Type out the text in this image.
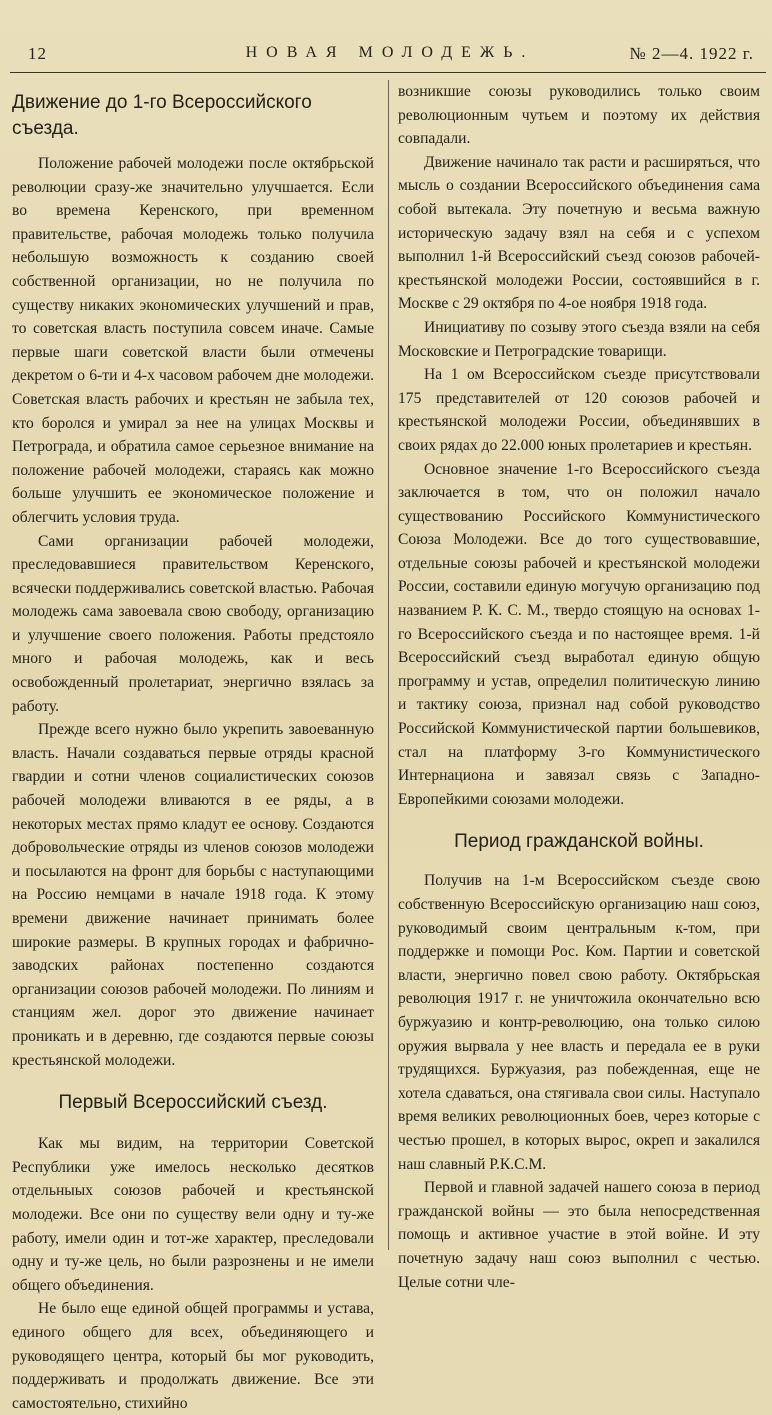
12	НОВАЯ МОЛОДЕЖЬ.	№ 2—4. 1922 г.
Движение до 1-го Всероссийского съезда.

Положение рабочей молодежи после октябрьской революции сразу-же значительно улучшается. Если во времена Керенского, при временном правительстве, рабочая молодежь только получила небольшую возможность к созданию своей собственной организации, но не получила по существу никаких экономических улучшений и прав, то советская власть поступила совсем иначе. Самые первые шаги советской власти были отмечены декретом о 6-ти и 4-х часовом рабочем дне молодежи. Советская власть рабочих и крестьян не забыла тех, кто боролся и умирал за нее на улицах Москвы и Петрограда, и обратила самое серьезное внимание на положение рабочей молодежи, стараясь как можно больше улучшить ее экономическое положение и облегчить условия труда.

Сами организации рабочей молодежи, преследовавшиеся правительством Керенского, всячески поддерживались советской властью. Рабочая молодежь сама завоевала свою свободу, организацию и улучшение своего положения. Работы предстояло много и рабочая молодежь, как и весь освобожденный пролетариат, энергично взялась за работу.

Прежде всего нужно было укрепить завоеванную власть. Начали создаваться первые отряды красной гвардии и сотни членов социалистических союзов рабочей молодежи вливаются в ее ряды, а в некоторых местах прямо кладут ее основу. Создаются добровольческие отряды из членов союзов молодежи и посылаются на фронт для борьбы с наступающими на Россию немцами в начале 1918 года. К этому времени движение начинает принимать более широкие размеры. В крупных городах и фабрично-заводских районах постепенно создаются организации союзов рабочей молодежи. По линиям и станциям жел. дорог это движение начинает проникать и в деревню, где создаются первые союзы крестьянской молодежи.

Первый Всероссийский съезд.

Как мы видим, на территории Советской Республики уже имелось несколько десятков отдельныых союзов рабочей и крестьянской молодежи. Все они по существу вели одну и ту-же работу, имели один и тот-же характер, преследовали одну и ту-же цель, но были разрознены и не имели общего объединения.

Не было еще единой общей программы и устава, единого общего для всех, объединяющего и руководящего центра, который бы мог руководить, поддерживать и продолжать движение. Все эти самостоятельно, стихийно

возникшие союзы руководились только своим революционным чутьем и поэтому их действия совпадали.

Движение начинало так расти и расширяться, что мысль о создании Всероссийского объединения сама собой вытекала. Эту почетную и весьма важную историческую задачу взял на себя и с успехом выполнил 1-й Всероссийский съезд союзов рабочей-крестьянской молодежи России, состоявшийся в г. Москве с 29 октября по 4-ое ноября 1918 года.

Инициативу по созыву этого съезда взяли на себя Московские и Петроградские товарищи.

На 1 ом Всероссийском съезде присутствовали 175 представителей от 120 союзов рабочей и крестьянской молодежи России, объединявших в своих рядах до 22.000 юных пролетариев и крестьян.

Основное значение 1-го Всероссийского съезда заключается в том, что он положил начало существованию Российского Коммунистического Союза Молодежи. Все до того существовавшие, отдельные союзы рабочей и крестьянской молодежи России, составили единую могучую организацию под названием Р. К. С. М., твердо стоящую на основах 1-го Всероссийского съезда и по настоящее время. 1-й Всероссийский съезд выработал единую общую программу и устав, определил политическую линию и тактику союза, признал над собой руководство Российской Коммунистической партии большевиков, стал на платформу 3-го Коммунистического Интернациона и завязал связь с Западно-Европейкими союзами молодежи.

Период гражданской войны.

Получив на 1-м Всероссийском съезде свою собственную Всероссийскую организацию наш союз, руководимый своим центральным к-том, при поддержке и помощи Рос. Ком. Партии и советской власти, энергично повел свою работу. Октябрьская революция 1917 г. не уничтожила окончательно всю буржуазию и контр-революцию, она только силою оружия вырвала у нее власть и передала ее в руки трудящихся. Буржуазия, раз побежденная, еще не хотела сдаваться, она стягивала свои силы. Наступало время великих революционных боев, через которые с честью прошел, в которых вырос, окреп и закалился наш славный Р.К.С.М.

Первой и главной задачей нашего союза в период гражданской войны — это была непосредственная помощь и активное участие в этой войне. И эту почетную задачу наш союз выполнил с честью. Целые сотни чле-
